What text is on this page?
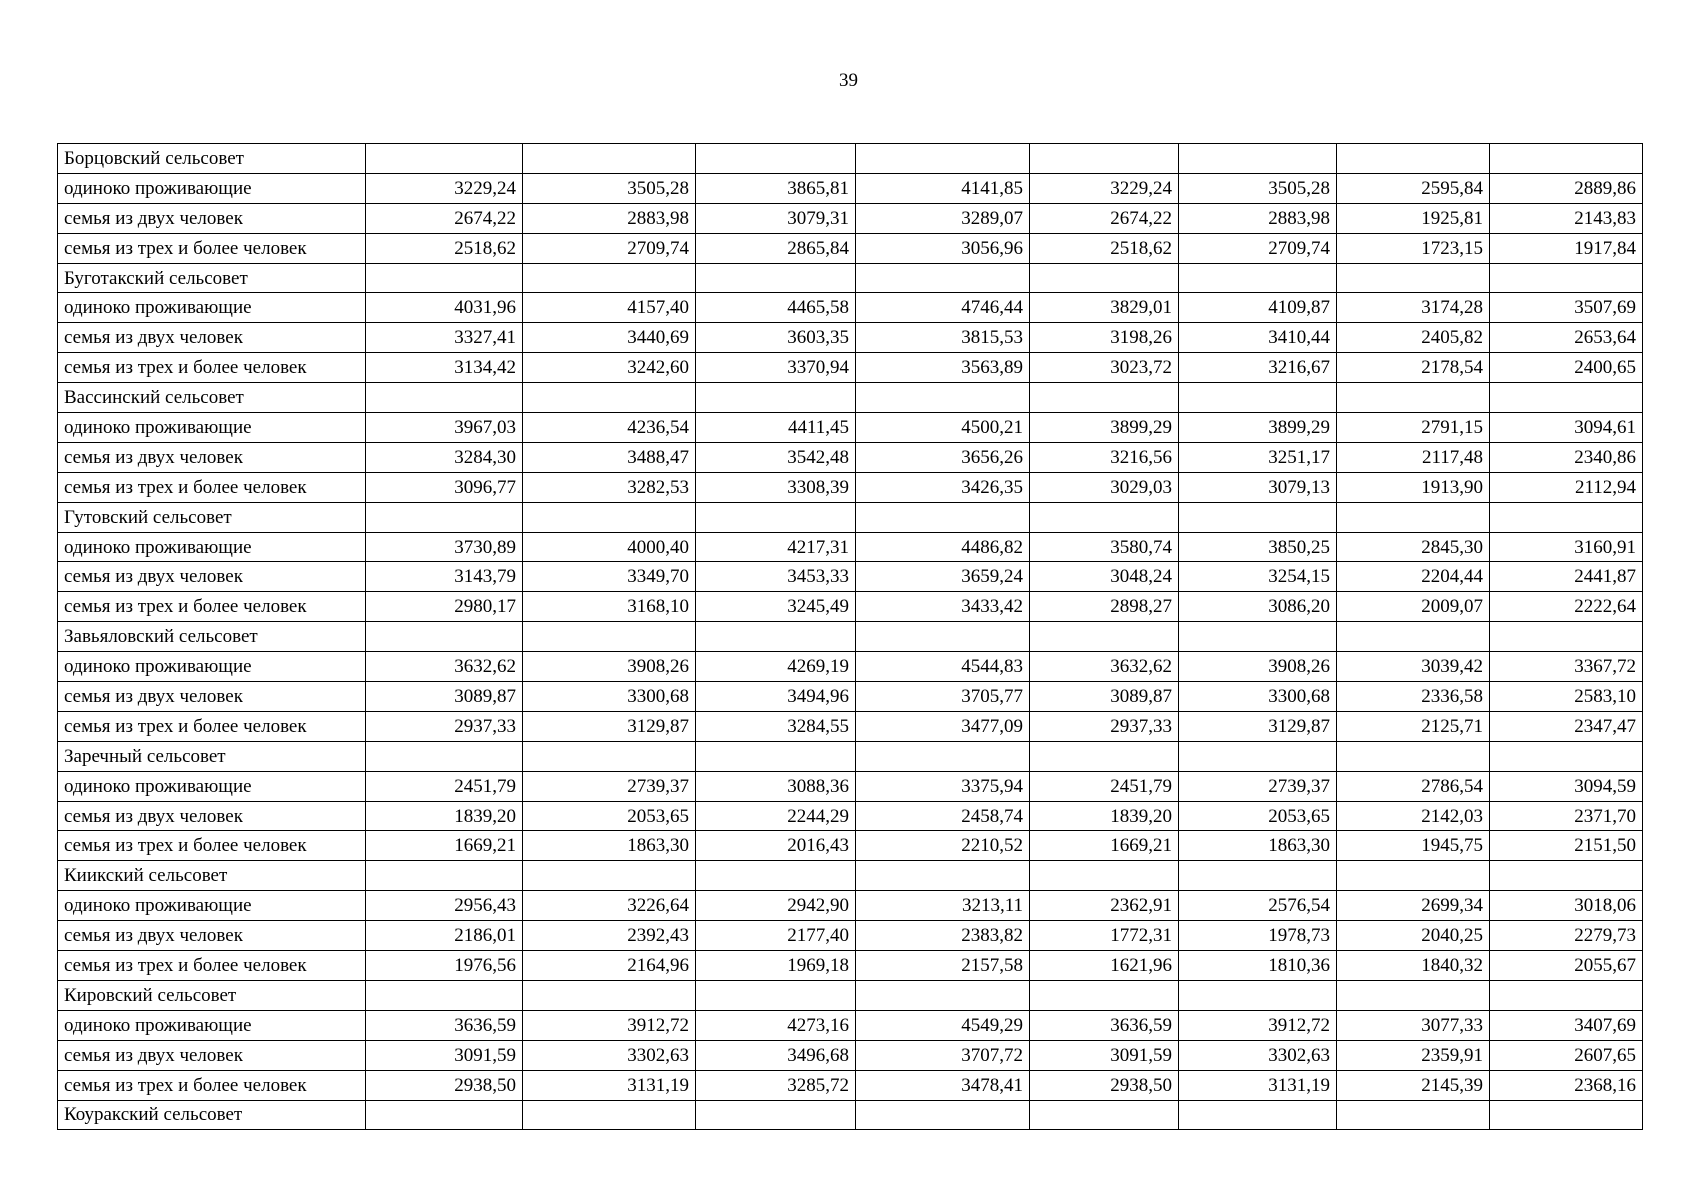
39
Борцовский сельсовет								
одиноко проживающие	3229,24	3505,28	3865,81	4141,85	3229,24	3505,28	2595,84	2889,86
семья из двух человек	2674,22	2883,98	3079,31	3289,07	2674,22	2883,98	1925,81	2143,83
семья из трех и более человек	2518,62	2709,74	2865,84	3056,96	2518,62	2709,74	1723,15	1917,84
Буготакский сельсовет								
одиноко проживающие	4031,96	4157,40	4465,58	4746,44	3829,01	4109,87	3174,28	3507,69
семья из двух человек	3327,41	3440,69	3603,35	3815,53	3198,26	3410,44	2405,82	2653,64
семья из трех и более человек	3134,42	3242,60	3370,94	3563,89	3023,72	3216,67	2178,54	2400,65
Вассинский сельсовет								
одиноко проживающие	3967,03	4236,54	4411,45	4500,21	3899,29	3899,29	2791,15	3094,61
семья из двух человек	3284,30	3488,47	3542,48	3656,26	3216,56	3251,17	2117,48	2340,86
семья из трех и более человек	3096,77	3282,53	3308,39	3426,35	3029,03	3079,13	1913,90	2112,94
Гутовский сельсовет								
одиноко проживающие	3730,89	4000,40	4217,31	4486,82	3580,74	3850,25	2845,30	3160,91
семья из двух человек	3143,79	3349,70	3453,33	3659,24	3048,24	3254,15	2204,44	2441,87
семья из трех и более человек	2980,17	3168,10	3245,49	3433,42	2898,27	3086,20	2009,07	2222,64
Завьяловский сельсовет								
одиноко проживающие	3632,62	3908,26	4269,19	4544,83	3632,62	3908,26	3039,42	3367,72
семья из двух человек	3089,87	3300,68	3494,96	3705,77	3089,87	3300,68	2336,58	2583,10
семья из трех и более человек	2937,33	3129,87	3284,55	3477,09	2937,33	3129,87	2125,71	2347,47
Заречный сельсовет								
одиноко проживающие	2451,79	2739,37	3088,36	3375,94	2451,79	2739,37	2786,54	3094,59
семья из двух человек	1839,20	2053,65	2244,29	2458,74	1839,20	2053,65	2142,03	2371,70
семья из трех и более человек	1669,21	1863,30	2016,43	2210,52	1669,21	1863,30	1945,75	2151,50
Киикский сельсовет								
одиноко проживающие	2956,43	3226,64	2942,90	3213,11	2362,91	2576,54	2699,34	3018,06
семья из двух человек	2186,01	2392,43	2177,40	2383,82	1772,31	1978,73	2040,25	2279,73
семья из трех и более человек	1976,56	2164,96	1969,18	2157,58	1621,96	1810,36	1840,32	2055,67
Кировский сельсовет								
одиноко проживающие	3636,59	3912,72	4273,16	4549,29	3636,59	3912,72	3077,33	3407,69
семья из двух человек	3091,59	3302,63	3496,68	3707,72	3091,59	3302,63	2359,91	2607,65
семья из трех и более человек	2938,50	3131,19	3285,72	3478,41	2938,50	3131,19	2145,39	2368,16
Коуракский сельсовет								
